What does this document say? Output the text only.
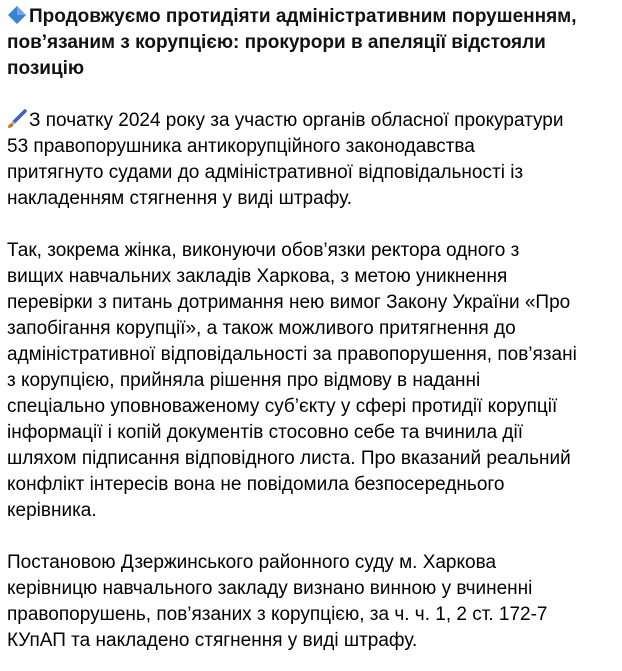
Продовжуємо протидіяти адміністративним порушенням,
пов’язаним з корупцією: прокурори в апеляції відстояли
позицію
З початку 2024 року за участю органів обласної прокуратури
53 правопорушника антикорупційного законодавства
притягнуто судами до адміністративної відповідальності із
накладенням стягнення у виді штрафу.
Так, зокрема жінка, виконуючи обов’язки ректора одного з
вищих навчальних закладів Харкова, з метою уникнення
перевірки з питань дотримання нею вимог Закону України «Про
запобігання корупції», а також можливого притягнення до
адміністративної відповідальності за правопорушення, пов’язані
з корупцією, прийняла рішення про відмову в наданні
спеціально уповноваженому суб’єкту у сфері протидії корупції
інформації і копій документів стосовно себе та вчинила дії
шляхом підписання відповідного листа. Про вказаний реальний
конфлікт інтересів вона не повідомила безпосереднього
керівника.
Постановою Дзержинського районного суду м. Харкова
керівницю навчального закладу визнано винною у вчиненні
правопорушень, пов’язаних з корупцією, за ч. ч. 1, 2 ст. 172-7
КУпАП та накладено стягнення у виді штрафу.
